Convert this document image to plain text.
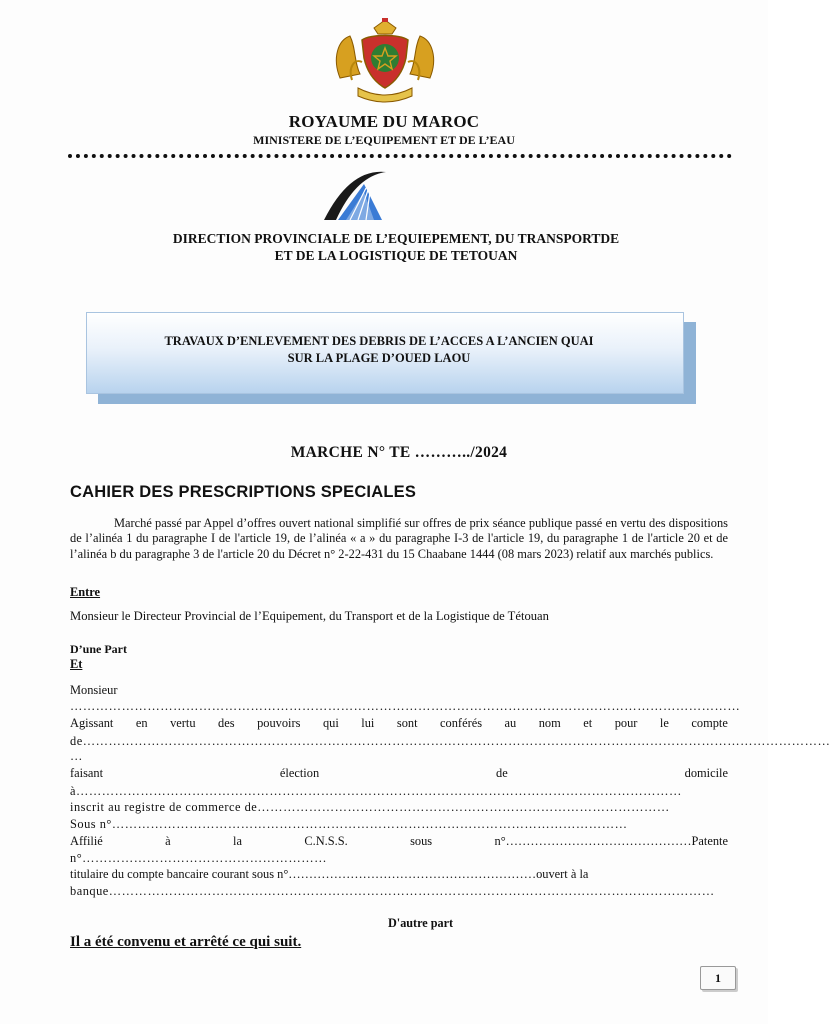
ROYAUME DU MAROC
MINISTERE DE L’EQUIPEMENT ET DE L’EAU
DIRECTION PROVINCIALE DE L’EQUIEPEMENT, DU TRANSPORTDE
ET DE LA LOGISTIQUE DE TETOUAN
TRAVAUX D’ENLEVEMENT DES DEBRIS DE L’ACCES A L’ANCIEN QUAI
SUR LA PLAGE D’OUED LAOU
MARCHE N° TE ………../2024
CAHIER DES PRESCRIPTIONS SPECIALES
Marché passé par Appel d’offres ouvert national simplifié sur offres de prix séance publique passé en vertu des dispositions de l’alinéa 1 du paragraphe I de l'article 19, de l’alinéa « a » du paragraphe I-3 de l'article 19, du paragraphe 1 de l'article 20 et de l’alinéa b du paragraphe 3 de l'article 20 du Décret n° 2-22-431 du 15 Chaabane 1444 (08 mars 2023) relatif aux marchés publics.
Entre
Monsieur le Directeur Provincial de l’Equipement, du Transport et de la Logistique de Tétouan
D’une Part
Et
Monsieur
…………………………………………………………………………………………………………………………………………
Agissant en vertu des pouvoirs qui lui sont conférés au nom et pour le compte
de…………………………………………………………………………………………………………………………………………………………
…
faisant	élection	de	domicile
à……………………………………………………………………………………………………………………………
inscrit au registre de commerce de……………………………………………………………………………………
Sous n°…………………………………………………………………………………………………………
Affilié	à	la	C.N.S.S.	sous	n°………………………………………Patente
n°…………………………………………………
titulaire du compte bancaire courant sous n°……………………………………………………ouvert à la
banque……………………………………………………………………………………………………………………………
D'autre part
Il a été convenu et arrêté ce qui suit.
1
